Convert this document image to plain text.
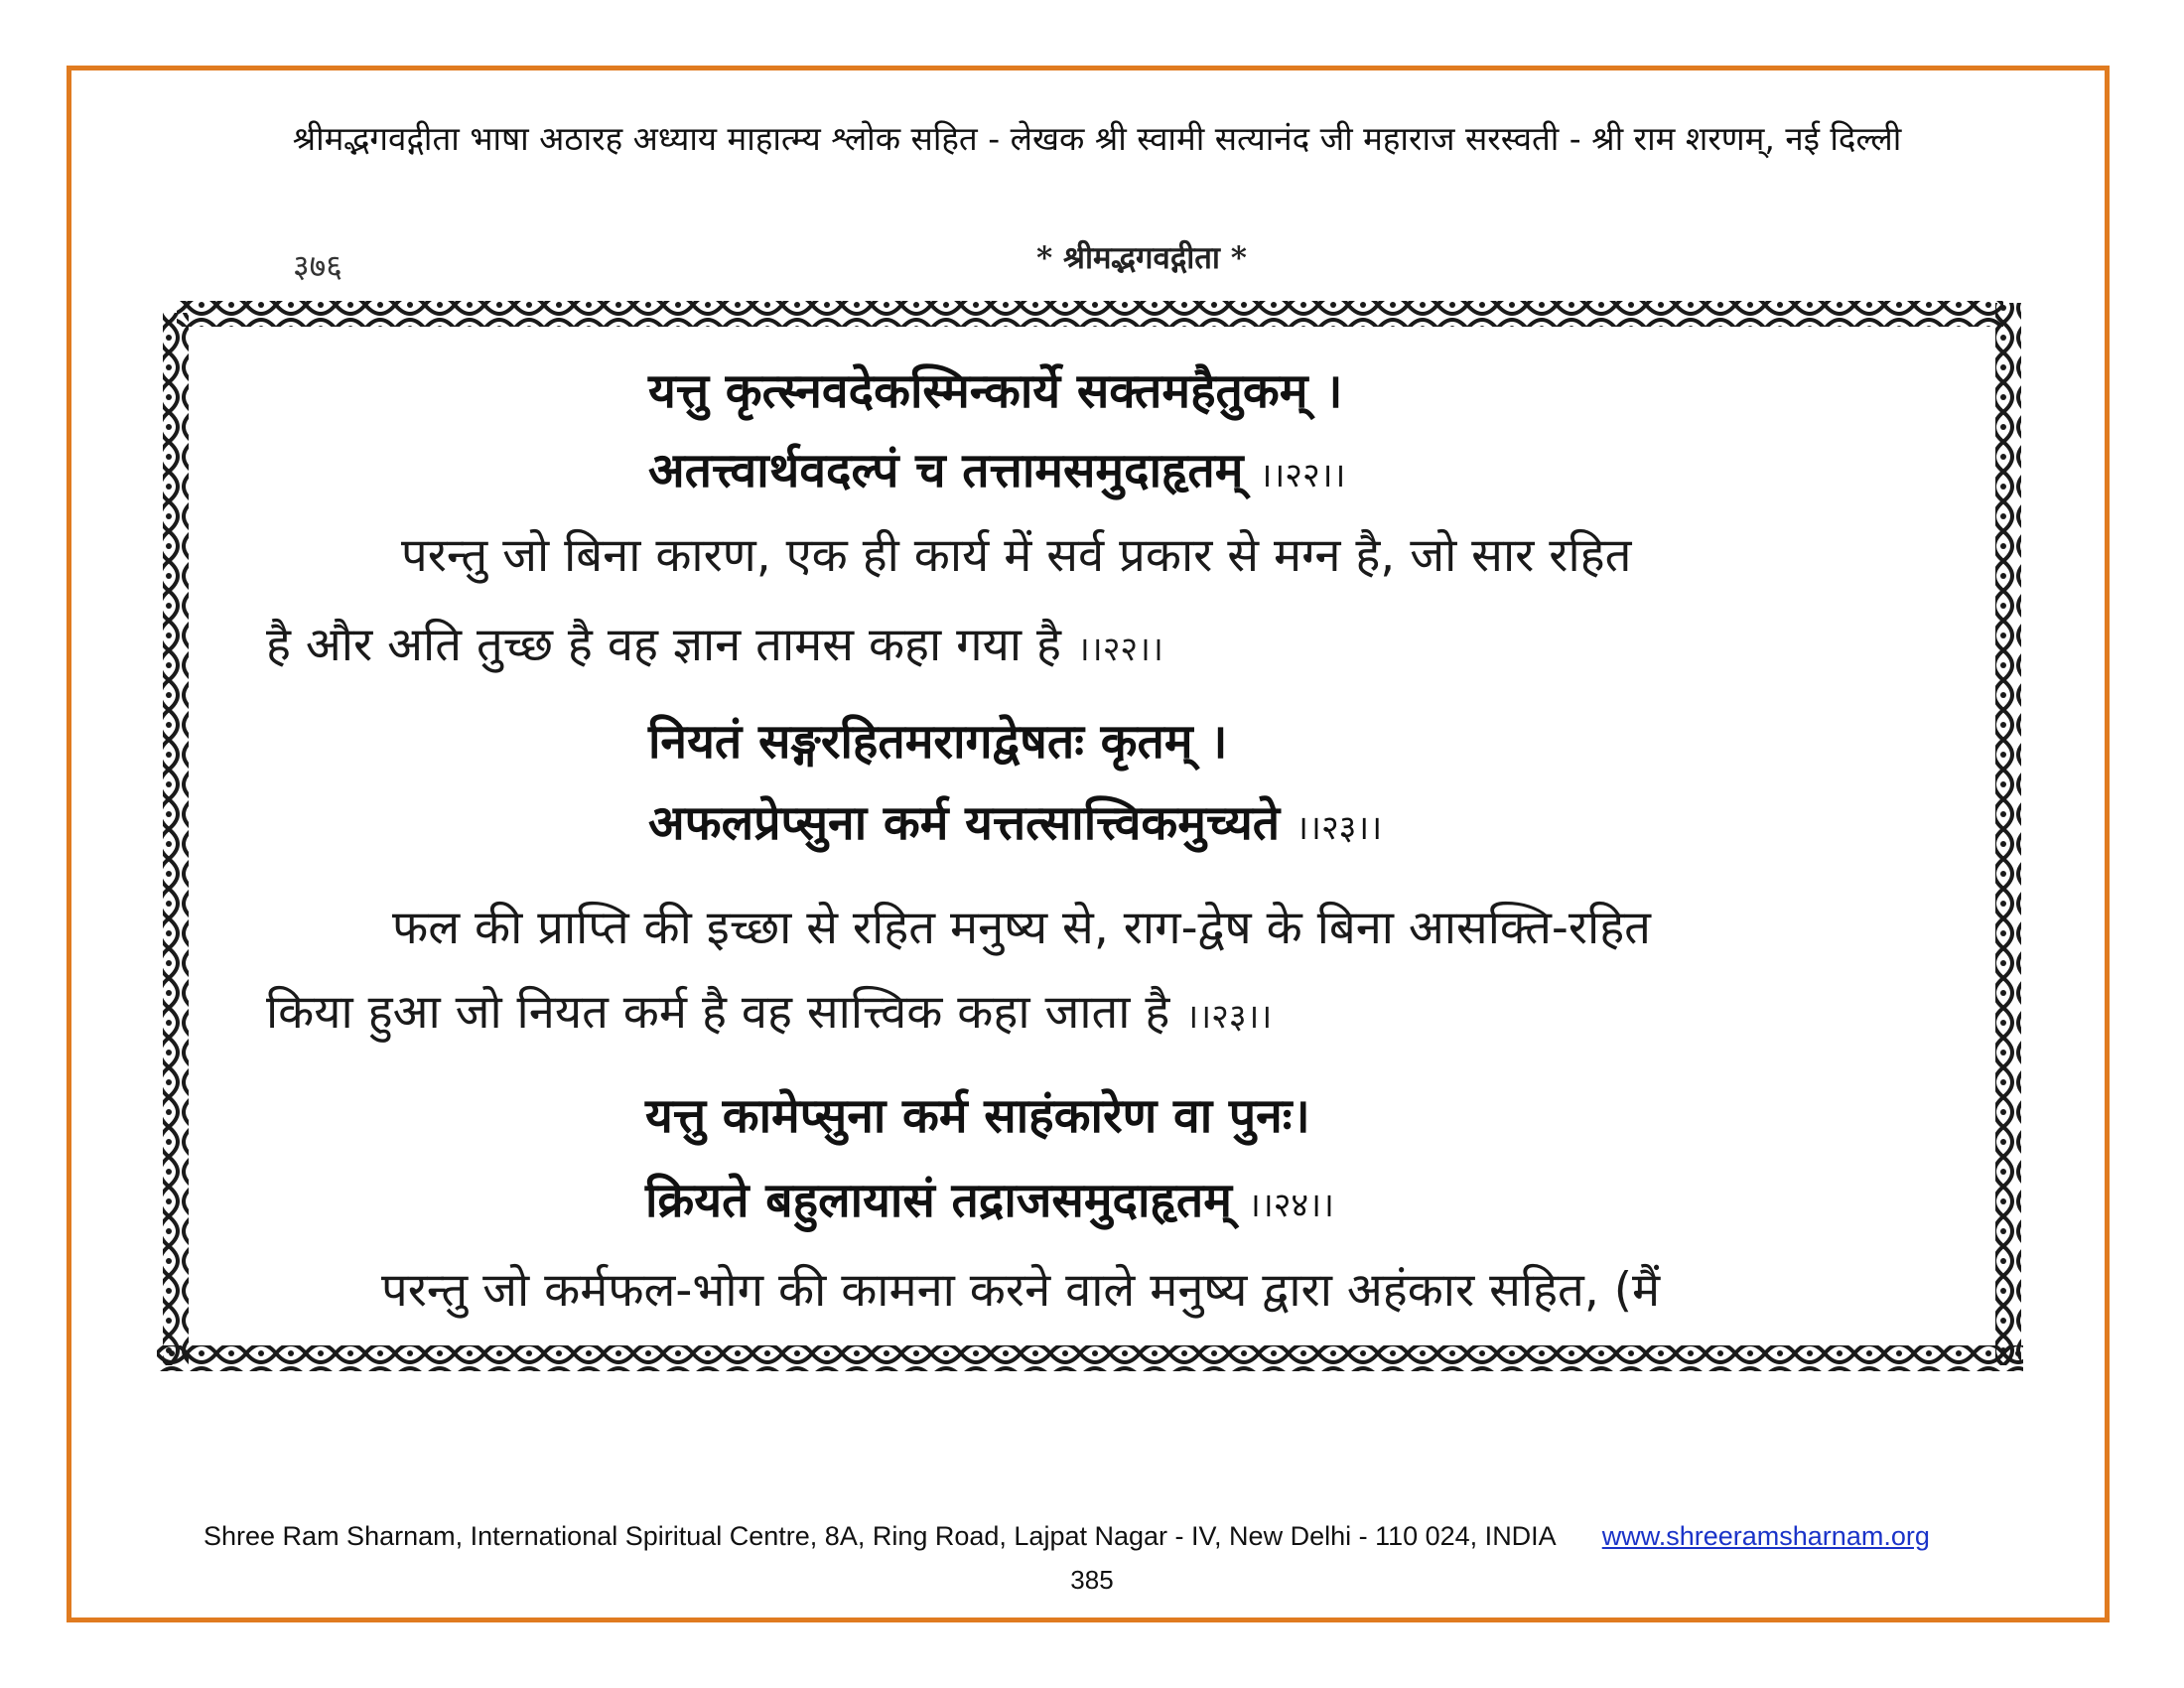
श्रीमद्भगवद्गीता भाषा अठारह अध्याय माहात्म्य श्लोक सहित - लेखक श्री स्वामी सत्यानंद जी महाराज सरस्वती - श्री राम शरणम्, नई दिल्ली
३७६	* श्रीमद्भगवद्गीता *
यत्तु कृत्स्नवदेकस्मिन्कार्ये सक्तमहैतुकम् ।
अतत्त्वार्थवदल्पं च तत्तामसमुदाहृतम् ।।२२।।
परन्तु जो बिना कारण, एक ही कार्य में सर्व प्रकार से मग्न है, जो सार रहित
है और अति तुच्छ है वह ज्ञान तामस कहा गया है ।।२२।।
नियतं सङ्गरहितमरागद्वेषतः कृतम् ।
अफलप्रेप्सुना कर्म यत्तत्सात्त्विकमुच्यते ।।२३।।
फल की प्राप्ति की इच्छा से रहित मनुष्य से, राग-द्वेष के बिना आसक्ति-रहित
किया हुआ जो नियत कर्म है वह सात्त्विक कहा जाता है ।।२३।।
यत्तु कामेप्सुना कर्म साहंकारेण वा पुनः।
क्रियते बहुलायासं तद्राजसमुदाहृतम् ।।२४।।
परन्तु जो कर्मफल-भोग की कामना करने वाले मनुष्य द्वारा अहंकार सहित, (मैं
Shree Ram Sharnam, International Spiritual Centre, 8A, Ring Road, Lajpat Nagar - IV, New Delhi - 110 024, INDIA www.shreeramsharnam.org
385
